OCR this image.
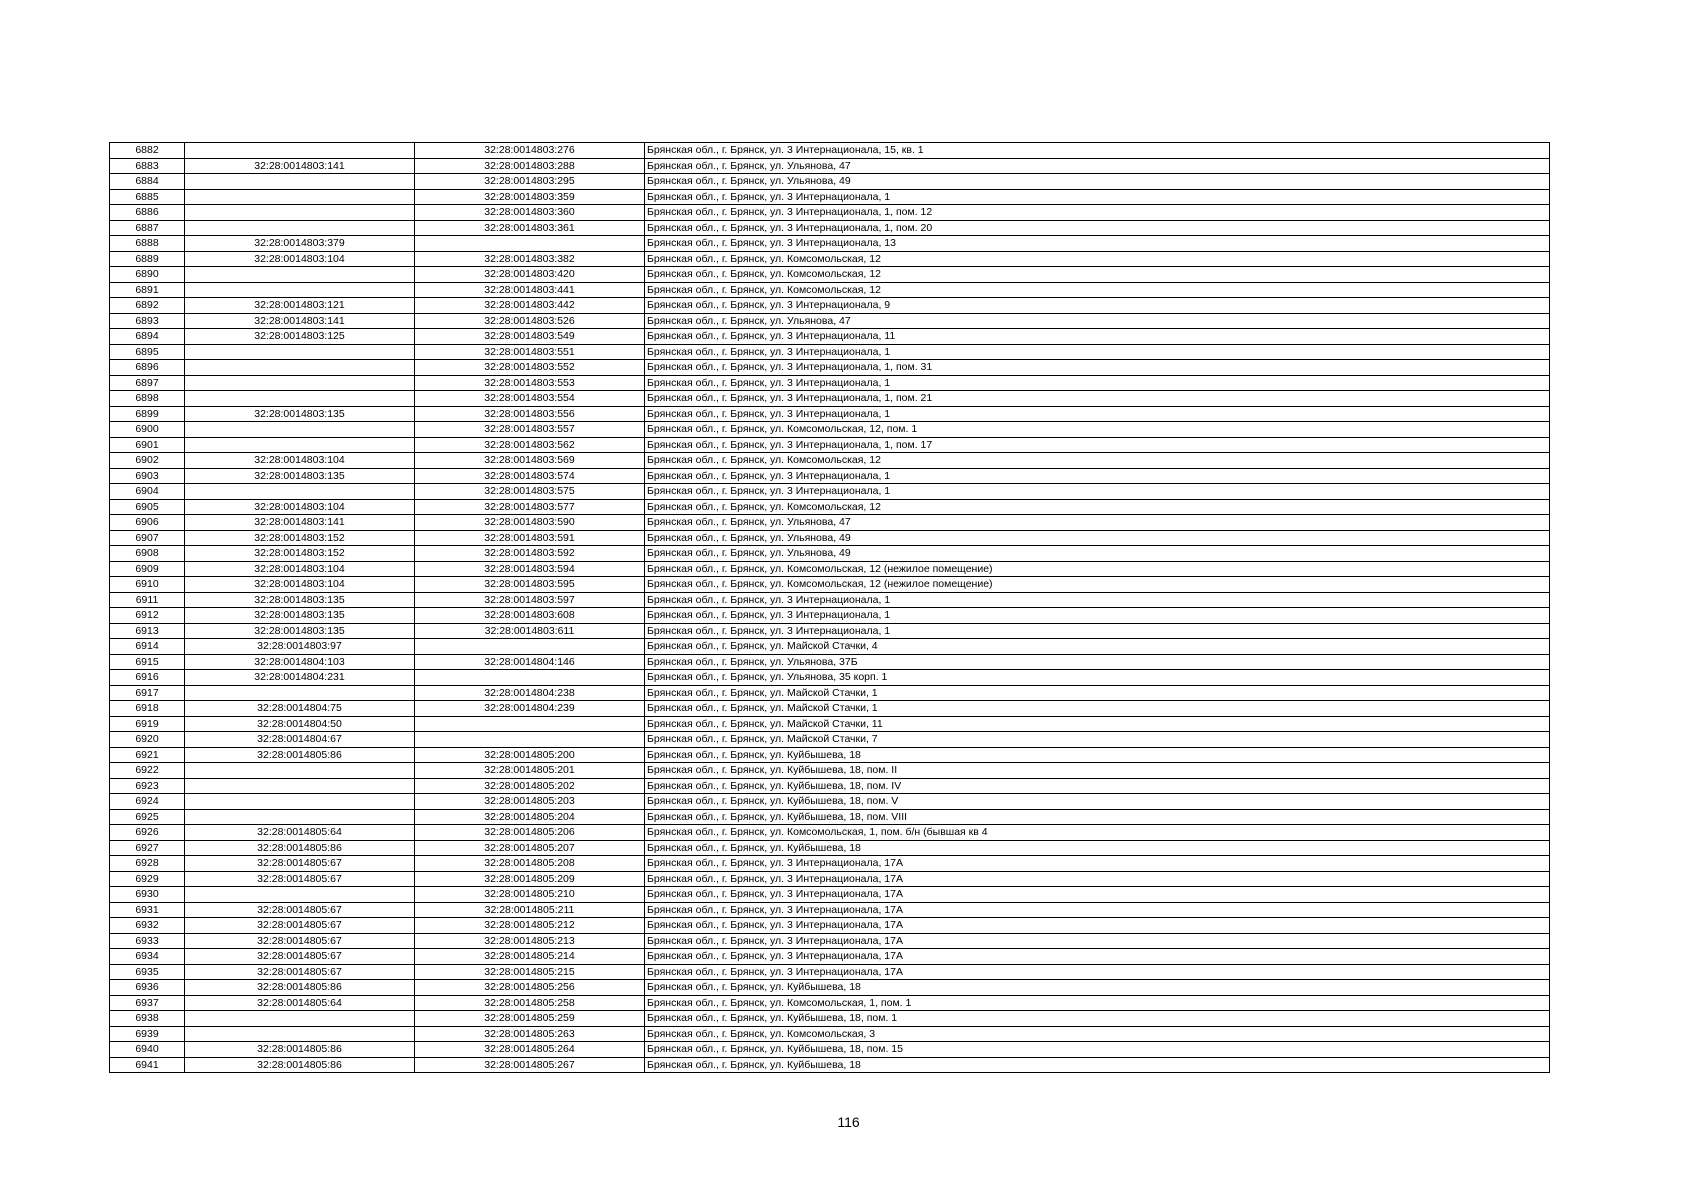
6882		32:28:0014803:276	Брянская обл., г. Брянск, ул. 3 Интернационала, 15, кв. 1
6883	32:28:0014803:141	32:28:0014803:288	Брянская обл., г. Брянск, ул. Ульянова, 47
6884		32:28:0014803:295	Брянская обл., г. Брянск, ул. Ульянова, 49
6885		32:28:0014803:359	Брянская обл., г. Брянск, ул. 3 Интернационала, 1
6886		32:28:0014803:360	Брянская обл., г. Брянск, ул. 3 Интернационала, 1, пом. 12
6887		32:28:0014803:361	Брянская обл., г. Брянск, ул. 3 Интернационала, 1, пом. 20
6888	32:28:0014803:379		Брянская обл., г. Брянск, ул. 3 Интернационала, 13
6889	32:28:0014803:104	32:28:0014803:382	Брянская обл., г. Брянск, ул. Комсомольская, 12
6890		32:28:0014803:420	Брянская обл., г. Брянск, ул. Комсомольская, 12
6891		32:28:0014803:441	Брянская обл., г. Брянск, ул. Комсомольская, 12
6892	32:28:0014803:121	32:28:0014803:442	Брянская обл., г. Брянск, ул. 3 Интернационала, 9
6893	32:28:0014803:141	32:28:0014803:526	Брянская обл., г. Брянск, ул. Ульянова, 47
6894	32:28:0014803:125	32:28:0014803:549	Брянская обл., г. Брянск, ул. 3 Интернационала, 11
6895		32:28:0014803:551	Брянская обл., г. Брянск, ул. 3 Интернационала, 1
6896		32:28:0014803:552	Брянская обл., г. Брянск, ул. 3 Интернационала, 1, пом. 31
6897		32:28:0014803:553	Брянская обл., г. Брянск, ул. 3 Интернационала, 1
6898		32:28:0014803:554	Брянская обл., г. Брянск, ул. 3 Интернационала, 1, пом. 21
6899	32:28:0014803:135	32:28:0014803:556	Брянская обл., г. Брянск, ул. 3 Интернационала, 1
6900		32:28:0014803:557	Брянская обл., г. Брянск, ул. Комсомольская, 12, пом. 1
6901		32:28:0014803:562	Брянская обл., г. Брянск, ул. 3 Интернационала, 1, пом. 17
6902	32:28:0014803:104	32:28:0014803:569	Брянская обл., г. Брянск, ул. Комсомольская, 12
6903	32:28:0014803:135	32:28:0014803:574	Брянская обл., г. Брянск, ул. 3 Интернационала, 1
6904		32:28:0014803:575	Брянская обл., г. Брянск, ул. 3 Интернационала, 1
6905	32:28:0014803:104	32:28:0014803:577	Брянская обл., г. Брянск, ул. Комсомольская, 12
6906	32:28:0014803:141	32:28:0014803:590	Брянская обл., г. Брянск, ул. Ульянова, 47
6907	32:28:0014803:152	32:28:0014803:591	Брянская обл., г. Брянск, ул. Ульянова, 49
6908	32:28:0014803:152	32:28:0014803:592	Брянская обл., г. Брянск, ул. Ульянова, 49
6909	32:28:0014803:104	32:28:0014803:594	Брянская обл., г. Брянск, ул. Комсомольская, 12 (нежилое помещение)
6910	32:28:0014803:104	32:28:0014803:595	Брянская обл., г. Брянск, ул. Комсомольская, 12 (нежилое помещение)
6911	32:28:0014803:135	32:28:0014803:597	Брянская обл., г. Брянск, ул. 3 Интернационала, 1
6912	32:28:0014803:135	32:28:0014803:608	Брянская обл., г. Брянск, ул. 3 Интернационала, 1
6913	32:28:0014803:135	32:28:0014803:611	Брянская обл., г. Брянск, ул. 3 Интернационала, 1
6914	32:28:0014803:97		Брянская обл., г. Брянск, ул. Майской Стачки, 4
6915	32:28:0014804:103	32:28:0014804:146	Брянская обл., г. Брянск, ул. Ульянова, 37Б
6916	32:28:0014804:231		Брянская обл., г. Брянск, ул. Ульянова, 35 корп. 1
6917		32:28:0014804:238	Брянская обл., г. Брянск, ул. Майской Стачки, 1
6918	32:28:0014804:75	32:28:0014804:239	Брянская обл., г. Брянск, ул. Майской Стачки, 1
6919	32:28:0014804:50		Брянская обл., г. Брянск, ул. Майской Стачки, 11
6920	32:28:0014804:67		Брянская обл., г. Брянск, ул. Майской Стачки, 7
6921	32:28:0014805:86	32:28:0014805:200	Брянская обл., г. Брянск, ул. Куйбышева, 18
6922		32:28:0014805:201	Брянская обл., г. Брянск, ул. Куйбышева, 18, пом. II
6923		32:28:0014805:202	Брянская обл., г. Брянск, ул. Куйбышева, 18, пом. IV
6924		32:28:0014805:203	Брянская обл., г. Брянск, ул. Куйбышева, 18, пом. V
6925		32:28:0014805:204	Брянская обл., г. Брянск, ул. Куйбышева, 18, пом. VIII
6926	32:28:0014805:64	32:28:0014805:206	Брянская обл., г. Брянск, ул. Комсомольская, 1, пом. б/н (бывшая кв 4
6927	32:28:0014805:86	32:28:0014805:207	Брянская обл., г. Брянск, ул. Куйбышева, 18
6928	32:28:0014805:67	32:28:0014805:208	Брянская обл., г. Брянск, ул. 3 Интернационала, 17А
6929	32:28:0014805:67	32:28:0014805:209	Брянская обл., г. Брянск, ул. 3 Интернационала, 17А
6930		32:28:0014805:210	Брянская обл., г. Брянск, ул. 3 Интернационала, 17А
6931	32:28:0014805:67	32:28:0014805:211	Брянская обл., г. Брянск, ул. 3 Интернационала, 17А
6932	32:28:0014805:67	32:28:0014805:212	Брянская обл., г. Брянск, ул. 3 Интернационала, 17А
6933	32:28:0014805:67	32:28:0014805:213	Брянская обл., г. Брянск, ул. 3 Интернационала, 17А
6934	32:28:0014805:67	32:28:0014805:214	Брянская обл., г. Брянск, ул. 3 Интернационала, 17А
6935	32:28:0014805:67	32:28:0014805:215	Брянская обл., г. Брянск, ул. 3 Интернационала, 17А
6936	32:28:0014805:86	32:28:0014805:256	Брянская обл., г. Брянск, ул. Куйбышева, 18
6937	32:28:0014805:64	32:28:0014805:258	Брянская обл., г. Брянск, ул. Комсомольская, 1, пом. 1
6938		32:28:0014805:259	Брянская обл., г. Брянск, ул. Куйбышева, 18, пом. 1
6939		32:28:0014805:263	Брянская обл., г. Брянск, ул. Комсомольская, 3
6940	32:28:0014805:86	32:28:0014805:264	Брянская обл., г. Брянск, ул. Куйбышева, 18, пом. 15
6941	32:28:0014805:86	32:28:0014805:267	Брянская обл., г. Брянск, ул. Куйбышева, 18
116
